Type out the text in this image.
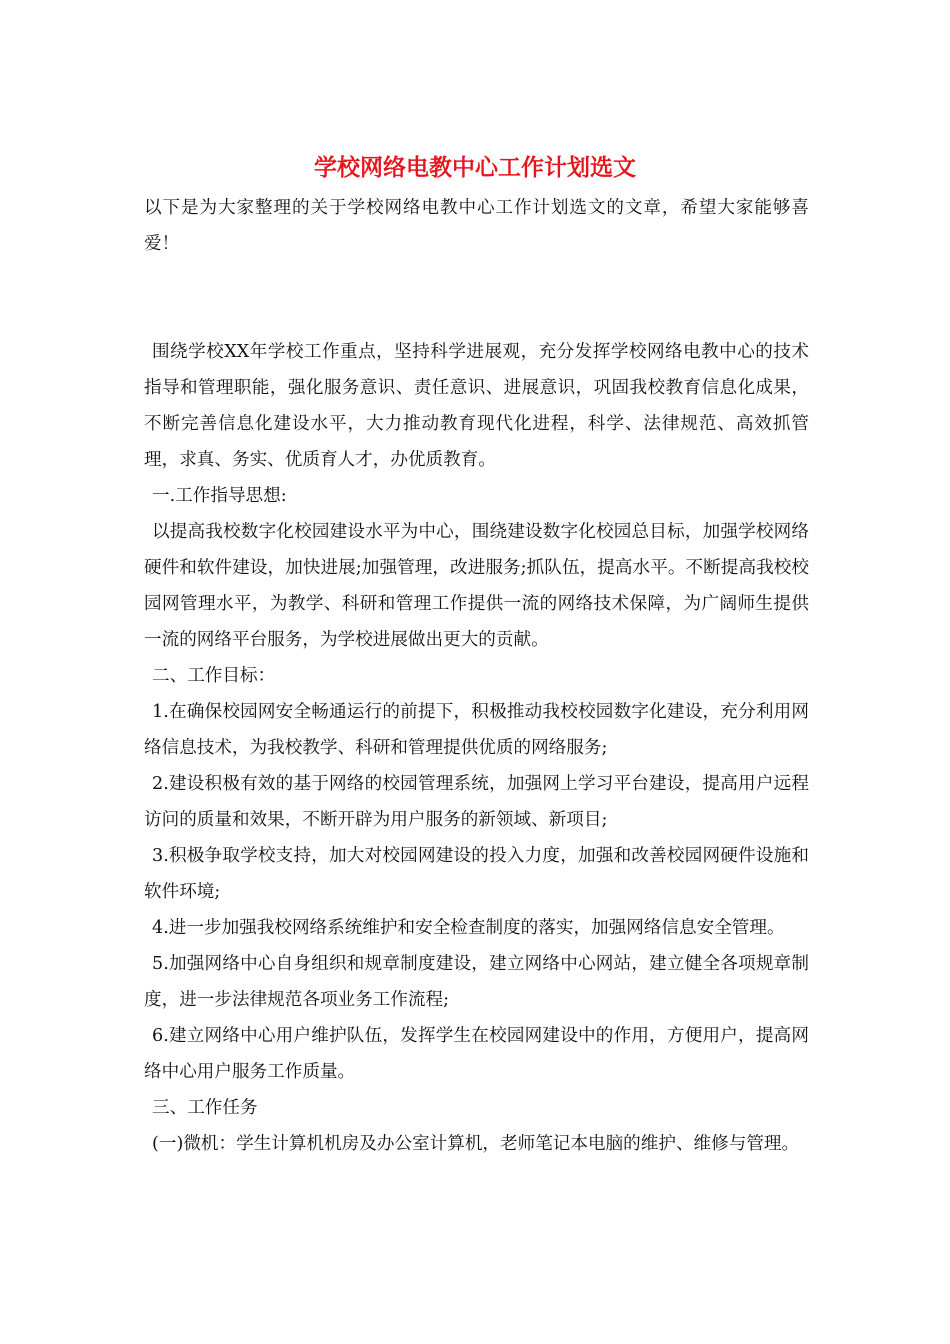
学校网络电教中心工作计划选文

以下是为大家整理的关于学校网络电教中心工作计划选文的文章，希望大家能够喜爱！

围绕学校XX年学校工作重点，坚持科学进展观，充分发挥学校网络电教中心的技术指导和管理职能，强化服务意识、责任意识、进展意识，巩固我校教育信息化成果，不断完善信息化建设水平，大力推动教育现代化进程，科学、法律规范、高效抓管理，求真、务实、优质育人才，办优质教育。

一.工作指导思想:

以提高我校数字化校园建设水平为中心，围绕建设数字化校园总目标，加强学校网络硬件和软件建设，加快进展;加强管理，改进服务;抓队伍，提高水平。不断提高我校校园网管理水平，为教学、科研和管理工作提供一流的网络技术保障，为广阔师生提供一流的网络平台服务，为学校进展做出更大的贡献。

二、工作目标：

1.在确保校园网安全畅通运行的前提下，积极推动我校校园数字化建设，充分利用网络信息技术，为我校教学、科研和管理提供优质的网络服务;

2.建设积极有效的基于网络的校园管理系统，加强网上学习平台建设，提高用户远程访问的质量和效果，不断开辟为用户服务的新领域、新项目;

3.积极争取学校支持，加大对校园网建设的投入力度，加强和改善校园网硬件设施和软件环境;

4.进一步加强我校网络系统维护和安全检查制度的落实，加强网络信息安全管理。

5.加强网络中心自身组织和规章制度建设，建立网络中心网站，建立健全各项规章制度，进一步法律规范各项业务工作流程;

6.建立网络中心用户维护队伍，发挥学生在校园网建设中的作用，方便用户，提高网络中心用户服务工作质量。

三、工作任务

(一)微机：学生计算机机房及办公室计算机，老师笔记本电脑的维护、维修与管理。
